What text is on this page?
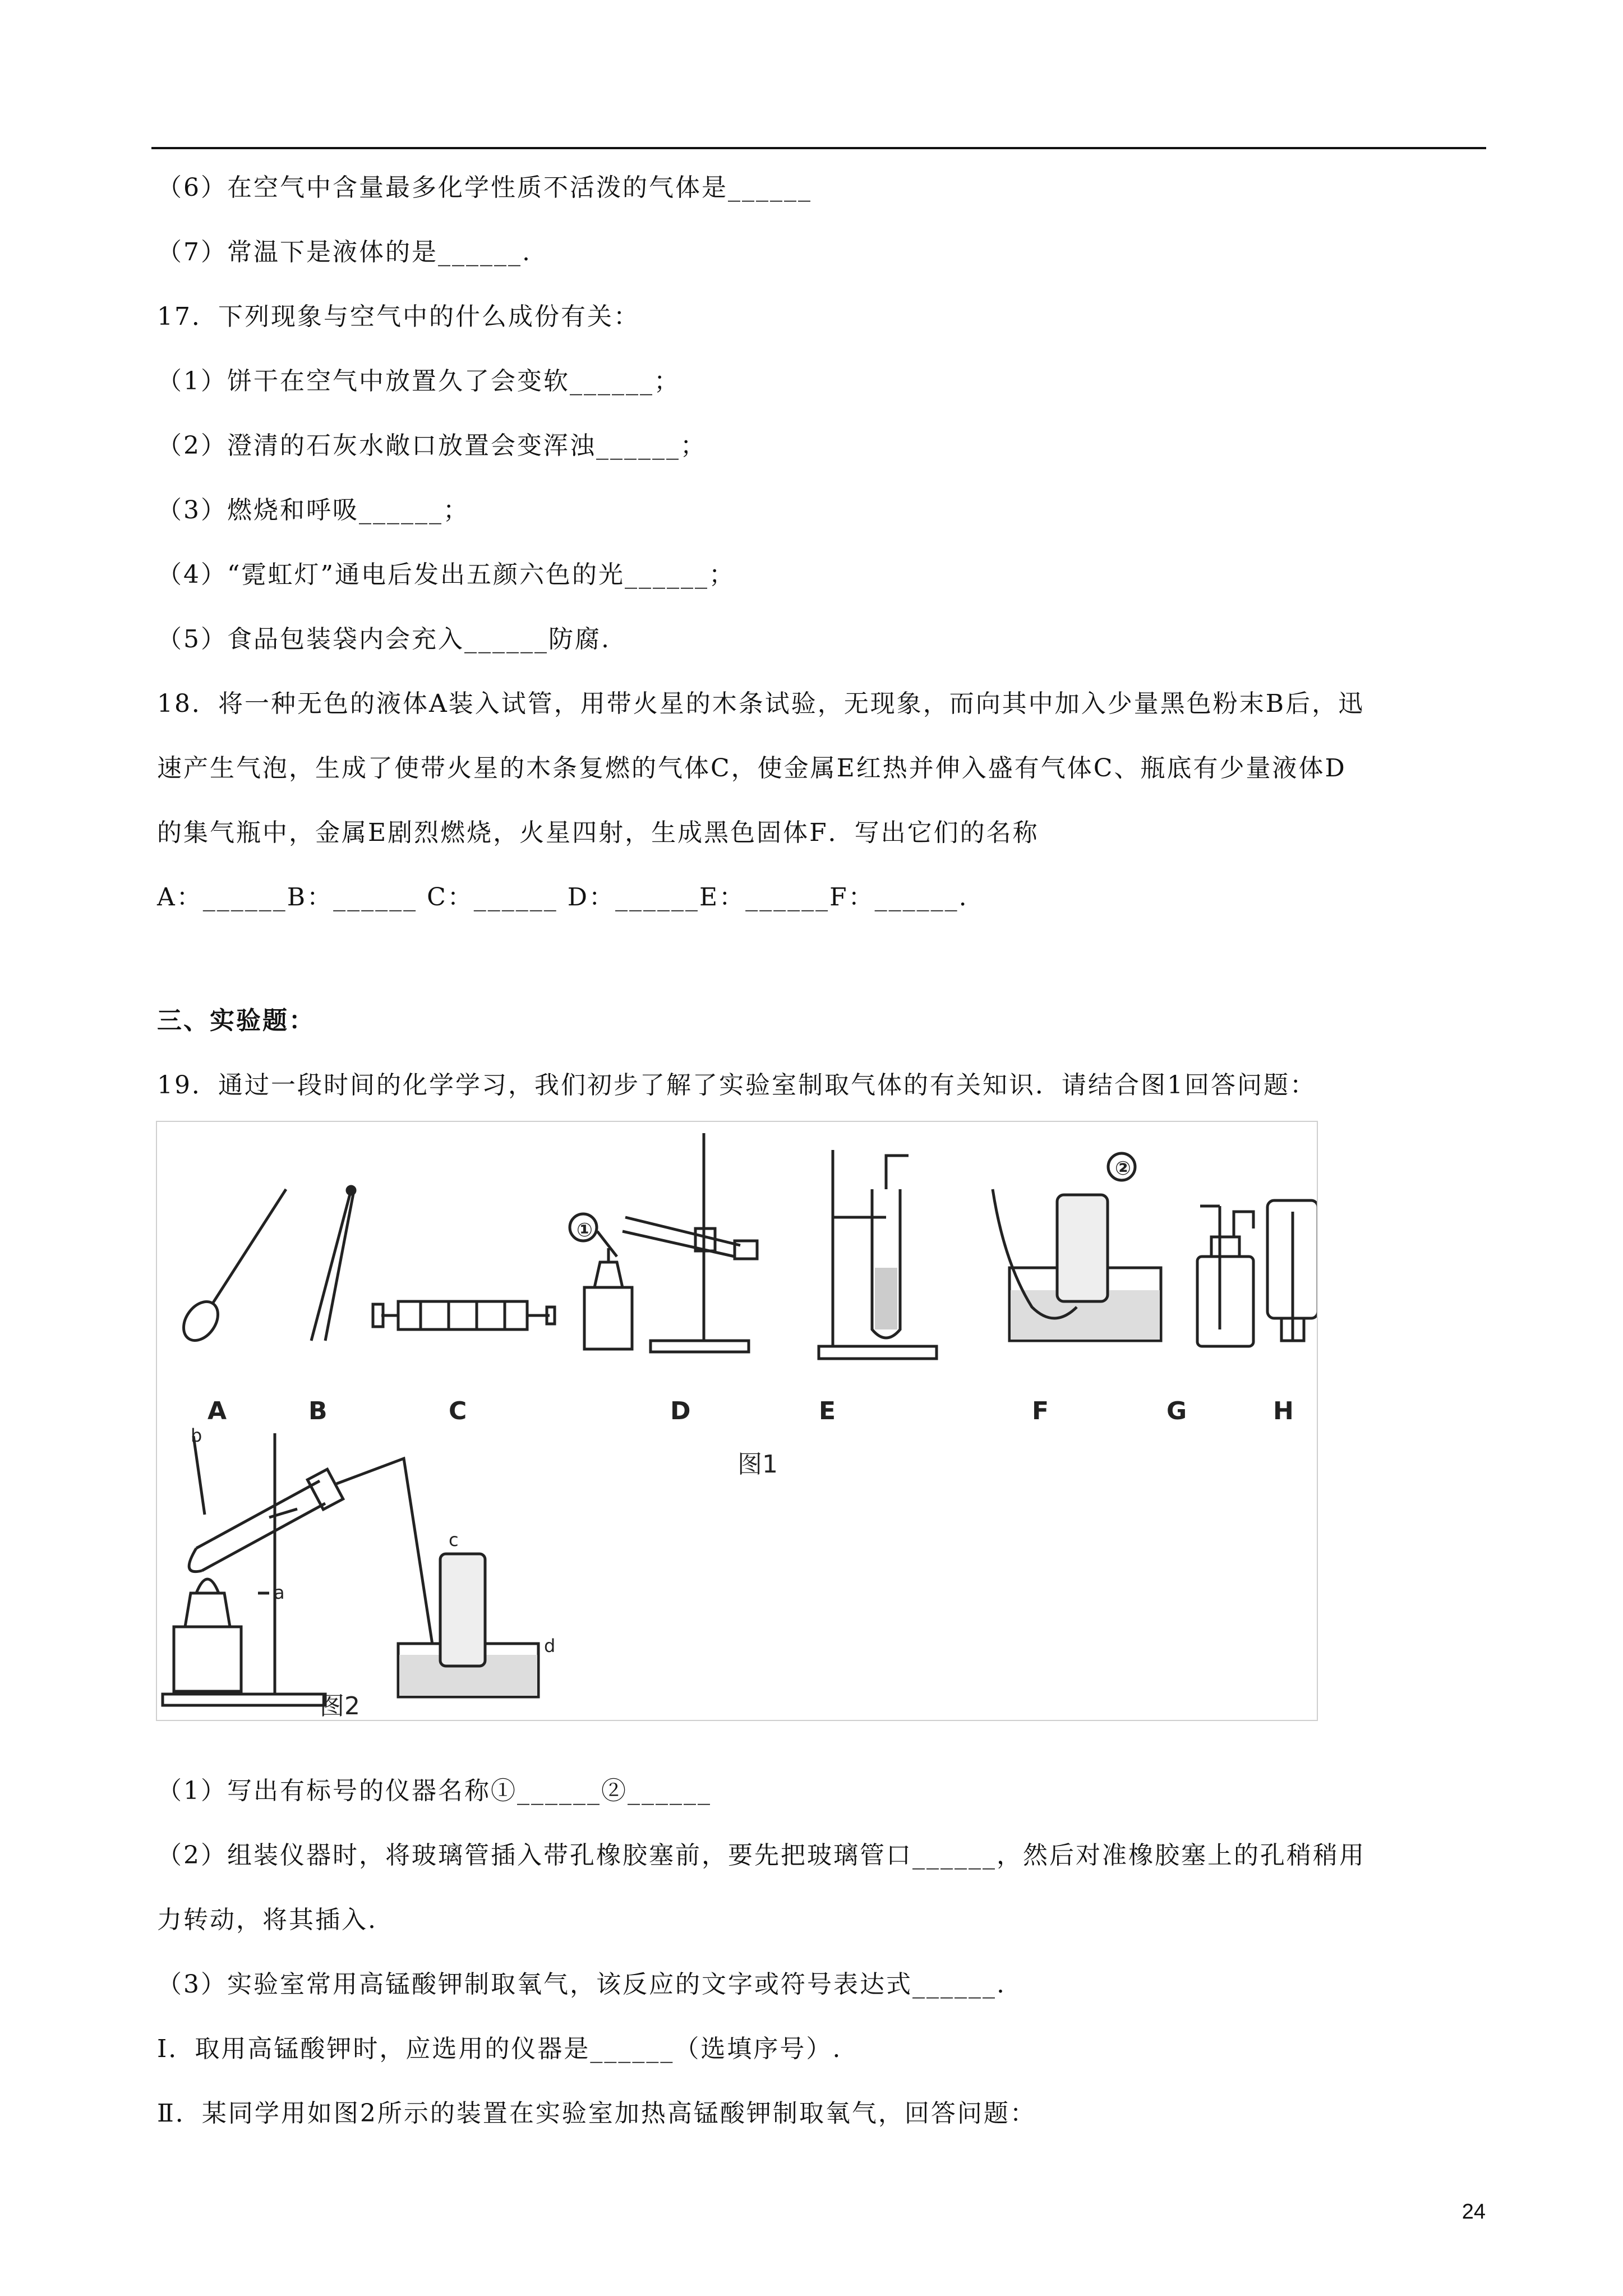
（6）在空气中含量最多化学性质不活泼的气体是______
（7）常温下是液体的是______.
17．下列现象与空气中的什么成份有关：
（1）饼干在空气中放置久了会变软______；
（2）澄清的石灰水敞口放置会变浑浊______；
（3）燃烧和呼吸______；
（4）“霓虹灯”通电后发出五颜六色的光______；
（5）食品包装袋内会充入______防腐.
18．将一种无色的液体A装入试管，用带火星的木条试验，无现象，而向其中加入少量黑色粉末B后，迅
速产生气泡，生成了使带火星的木条复燃的气体C，使金属E红热并伸入盛有气体C、瓶底有少量液体D
的集气瓶中，金属E剧烈燃烧，火星四射，生成黑色固体F．写出它们的名称
A：______B：______ C：______ D：______E：______F：______.
三、实验题：
19．通过一段时间的化学学习，我们初步了解了实验室制取气体的有关知识．请结合图1回答问题：
A	B	C	D	E	F	G	H
图1
①
②
b
a
c
d
图2
（1）写出有标号的仪器名称①______②______
（2）组装仪器时，将玻璃管插入带孔橡胶塞前，要先把玻璃管口______，然后对准橡胶塞上的孔稍稍用
力转动，将其插入.
（3）实验室常用高锰酸钾制取氧气，该反应的文字或符号表达式______.
Ⅰ．取用高锰酸钾时，应选用的仪器是______（选填序号）.
Ⅱ．某同学用如图2所示的装置在实验室加热高锰酸钾制取氧气，回答问题：
24
